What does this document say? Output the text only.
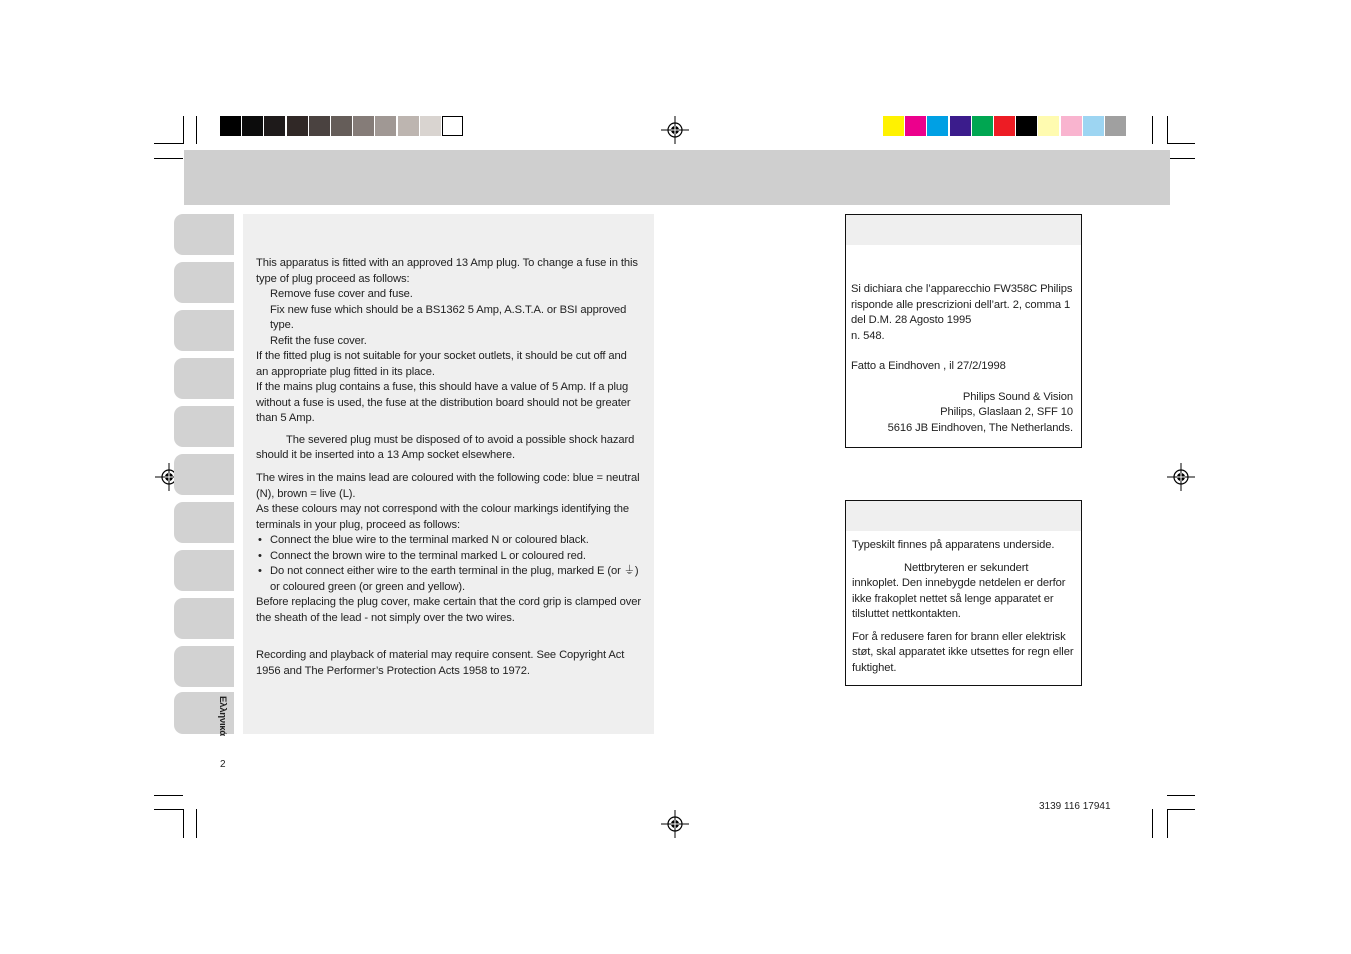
Ελληνικά

This apparatus is fitted with an approved 13 Amp plug. To change a fuse in this type of plug proceed as follows:

Remove fuse cover and fuse.

Fix new fuse which should be a BS1362 5 Amp, A.S.T.A. or BSI approved type.

Refit the fuse cover.

If the fitted plug is not suitable for your socket outlets, it should be cut off and an appropriate plug fitted in its place.

If the mains plug contains a fuse, this should have a value of 5 Amp. If a plug without a fuse is used, the fuse at the distribution board should not be greater than 5 Amp.

The severed plug must be disposed of to avoid a possible shock hazard should it be inserted into a 13 Amp socket elsewhere.

The wires in the mains lead are coloured with the following code: blue = neutral (N), brown = live (L).

As these colours may not correspond with the colour markings identifying the terminals in your plug, proceed as follows:

• Connect the blue wire to the terminal marked N or coloured black.
• Connect the brown wire to the terminal marked L or coloured red.
• Do not connect either wire to the earth terminal in the plug, marked E (or ⏚) or coloured green (or green and yellow).

Before replacing the plug cover, make certain that the cord grip is clamped over the sheath of the lead - not simply over the two wires.

Recording and playback of material may require consent. See Copyright Act 1956 and The Performer’s Protection Acts 1958 to 1972.

Si dichiara che l’apparecchio FW358C Philips risponde alle prescrizioni dell’art. 2, comma 1 del D.M. 28 Agosto 1995

n. 548.

Fatto a Eindhoven , il 27/2/1998

Philips Sound & Vision

Philips, Glaslaan 2, SFF 10

5616 JB Eindhoven, The Netherlands.

Typeskilt finnes på apparatens underside.

Nettbryteren er sekundert innkoplet. Den innebygde netdelen er derfor ikke frakoplet nettet så lenge apparatet er tilsluttet nettkontakten.

For å redusere faren for brann eller elektrisk støt, skal apparatet ikke utsettes for regn eller fuktighet.

2
3139 116 17941
